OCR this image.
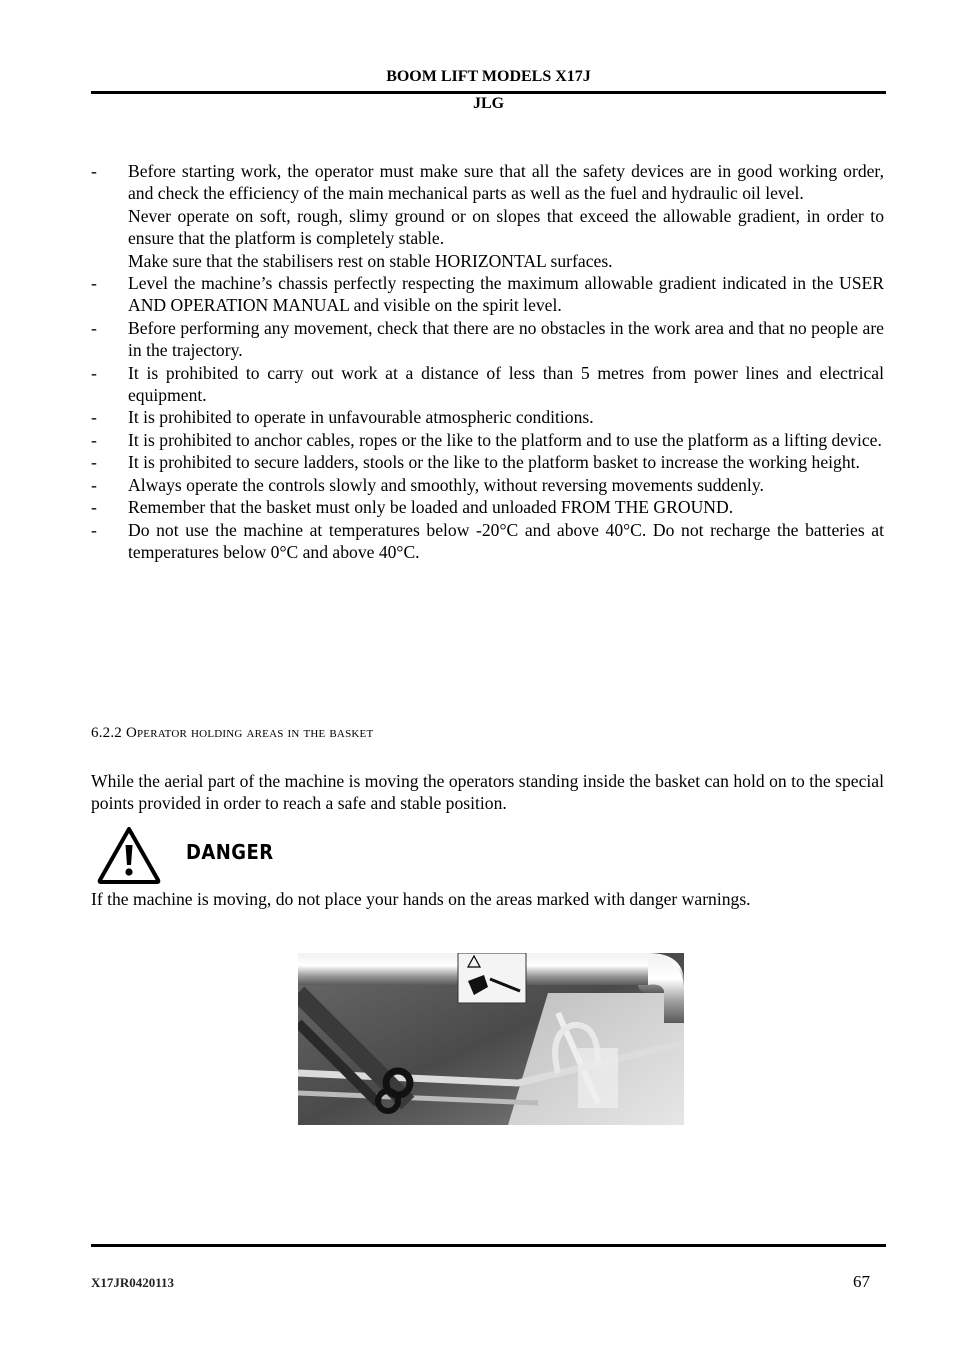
BOOM LIFT MODELS X17J
JLG
- Before starting work, the operator must make sure that all the safety devices are in good working order, and check the efficiency of the main mechanical parts as well as the fuel and hydraulic oil level.

Never operate on soft, rough, slimy ground or on slopes that exceed the allowable gradient, in order to ensure that the platform is completely stable.

Make sure that the stabilisers rest on stable HORIZONTAL surfaces.

- Level the machine’s chassis perfectly respecting the maximum allowable gradient indicated in the USER AND OPERATION MANUAL and visible on the spirit level.

- Before performing any movement, check that there are no obstacles in the work area and that no people are in the trajectory.

- It is prohibited to carry out work at a distance of less than 5 metres from power lines and electrical equipment.

- It is prohibited to operate in unfavourable atmospheric conditions.

- It is prohibited to anchor cables, ropes or the like to the platform and to use the platform as a lifting device.

- It is prohibited to secure ladders, stools or the like to the platform basket to increase the working height.

- Always operate the controls slowly and smoothly, without reversing movements suddenly.

- Remember that the basket must only be loaded and unloaded FROM THE GROUND.

- Do not use the machine at temperatures below -20°C and above 40°C. Do not recharge the batteries at temperatures below 0°C and above 40°C.

6.2.2 Operator holding areas in the basket

While the aerial part of the machine is moving the operators standing inside the basket can hold on to the special points provided in order to reach a safe and stable position.

DANGER

If the machine is moving, do not place your hands on the areas marked with danger warnings.

X17JR0420113	67
